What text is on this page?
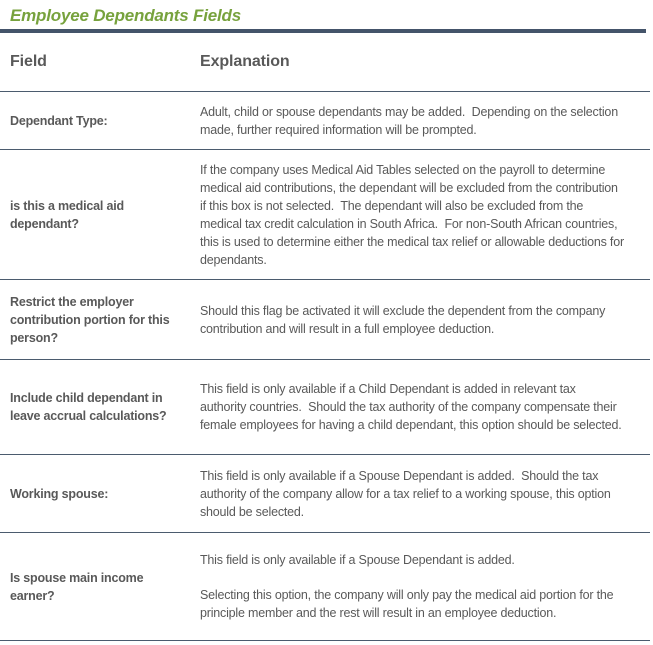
Employee Dependants Fields
Field	Explanation
Dependant Type:

Adult, child or spouse dependants may be added.  Depending on the selection made, further required information will be prompted.

is this a medical aid dependant?

If the company uses Medical Aid Tables selected on the payroll to determine medical aid contributions, the dependant will be excluded from the contribution if this box is not selected.  The dependant will also be excluded from the medical tax credit calculation in South Africa.  For non-South African countries, this is used to determine either the medical tax relief or allowable deductions for dependants.

Restrict the employer contribution portion for this person?

Should this flag be activated it will exclude the dependent from the company contribution and will result in a full employee deduction.

Include child dependant in leave accrual calculations?

This field is only available if a Child Dependant is added in relevant tax authority countries.  Should the tax authority of the company compensate their female employees for having a child dependant, this option should be selected.

Working spouse:

This field is only available if a Spouse Dependant is added.  Should the tax authority of the company allow for a tax relief to a working spouse, this option should be selected.

Is spouse main income earner?

This field is only available if a Spouse Dependant is added.

Selecting this option, the company will only pay the medical aid portion for the principle member and the rest will result in an employee deduction.
